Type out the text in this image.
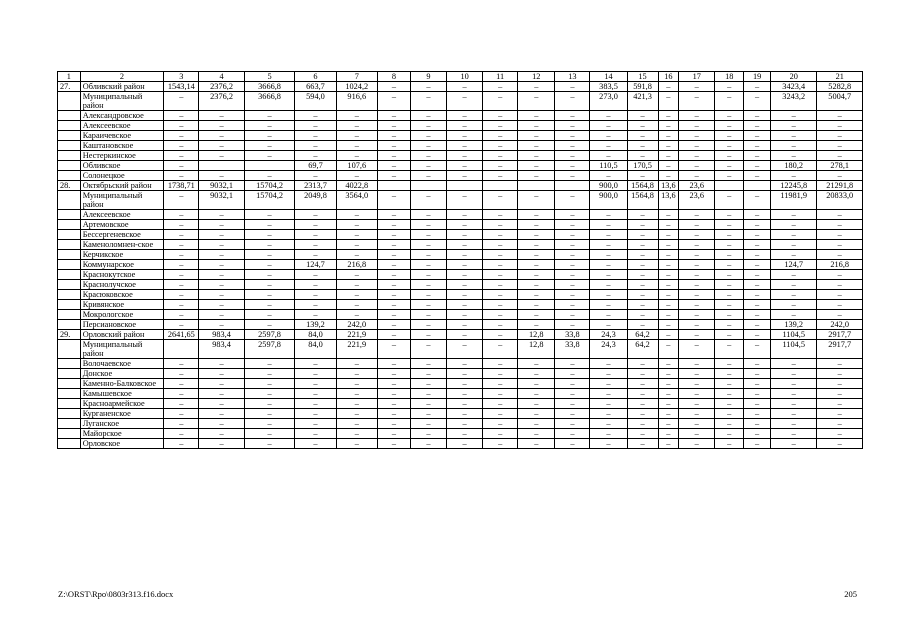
1	2	3	4	5	6	7	8	9	10	11	12	13	14	15	16	17	18	19	20	21
27.	Обливский район	1543,14	2376,2	3666,8	663,7	1024,2	–	–	–	–	–	–	383,5	591,8	–	–	–	–	3423,4	5282,8
	Муниципальный район	–	2376,2	3666,8	594,0	916,6	–	–	–	–	–	–	273,0	421,3	–	–	–	–	3243,2	5004,7
	Александровское	–	–	–	–	–	–	–	–	–	–	–	–	–	–	–	–	–	–	–
	Алексеевское	–	–	–	–	–	–	–	–	–	–	–	–	–	–	–	–	–	–	–
	Караичевское	–	–	–	–	–	–	–	–	–	–	–	–	–	–	–	–	–	–	–
	Каштановское	–	–	–	–	–	–	–	–	–	–	–	–	–	–	–	–	–	–	–
	Нестеркинское	–	–	–	–	–	–	–	–	–	–	–	–	–	–	–	–	–	–	–
	Обливское	–			69,7	107,6	–	–	–	–	–	–	110,5	170,5	–	–	–	–	180,2	278,1
	Солонецкое	–	–	–	–	–	–	–	–	–	–	–	–	–	–	–	–	–	–	–
28.	Октябрьский район	1738,71	9032,1	15704,2	2313,7	4022,8							900,0	1564,8	13,6	23,6			12245,8	21291,8
	Муниципальный район	–	9032,1	15704,2	2049,8	3564,0	–	–	–	–	–	–	900,0	1564,8	13,6	23,6	–	–	11981,9	20833,0
	Алексеевское	–	–	–	–	–	–	–	–	–	–	–	–	–	–	–	–	–	–	–
	Артемовское	–	–	–	–	–	–	–	–	–	–	–	–	–	–	–	–	–	–	–
	Бессергеневское	–	–	–	–	–	–	–	–	–	–	–	–	–	–	–	–	–	–	–
	Каменоломнен-ское	–	–	–	–	–	–	–	–	–	–	–	–	–	–	–	–	–	–	–
	Керчикское	–	–	–	–	–	–	–	–	–	–	–	–	–	–	–	–	–	–	–
	Коммунарское	–	–	–	124,7	216,8	–	–	–	–	–	–	–	–	–	–	–	–	124,7	216,8
	Краснокутское	–	–	–	–	–	–	–	–	–	–	–	–	–	–	–	–	–	–	–
	Краснолучское	–	–	–	–	–	–	–	–	–	–	–	–	–	–	–	–	–	–	–
	Красюковское	–	–	–	–	–	–	–	–	–	–	–	–	–	–	–	–	–	–	–
	Кривянское	–	–	–	–	–	–	–	–	–	–	–	–	–	–	–	–	–	–	–
	Мокрологское	–	–	–	–	–	–	–	–	–	–	–	–	–	–	–	–	–	–	–
	Персиановское	–	–	–	139,2	242,0	–	–	–	–	–	–	–	–	–	–	–	–	139,2	242,0
29.	Орловский район	2641,65	983,4	2597,8	84,0	221,9	–	–	–	–	12,8	33,8	24,3	64,2	–	–	–	–	1104,5	2917,7
	Муниципальный район		983,4	2597,8	84,0	221,9	–	–	–	–	12,8	33,8	24,3	64,2	–	–	–	–	1104,5	2917,7
	Волочаевское	–	–	–	–	–	–	–	–	–	–	–	–	–	–	–	–	–	–	–
	Донское	–	–	–	–	–	–	–	–	–	–	–	–	–	–	–	–	–	–	–
	Каменно-Балковское	–	–	–	–	–	–	–	–	–	–	–	–	–	–	–	–	–	–	–
	Камышевское	–	–	–	–	–	–	–	–	–	–	–	–	–	–	–	–	–	–	–
	Красноармейское	–	–	–	–	–	–	–	–	–	–	–	–	–	–	–	–	–	–	–
	Курганенское	–	–	–	–	–	–	–	–	–	–	–	–	–	–	–	–	–	–	–
	Луганское	–	–	–	–	–	–	–	–	–	–	–	–	–	–	–	–	–	–	–
	Майорское	–	–	–	–	–	–	–	–	–	–	–	–	–	–	–	–	–	–	–
	Орловское	–	–	–	–	–	–	–	–	–	–	–	–	–	–	–	–	–	–	–
Z:\ORST\Rpo\0803r313.f16.docx	205
